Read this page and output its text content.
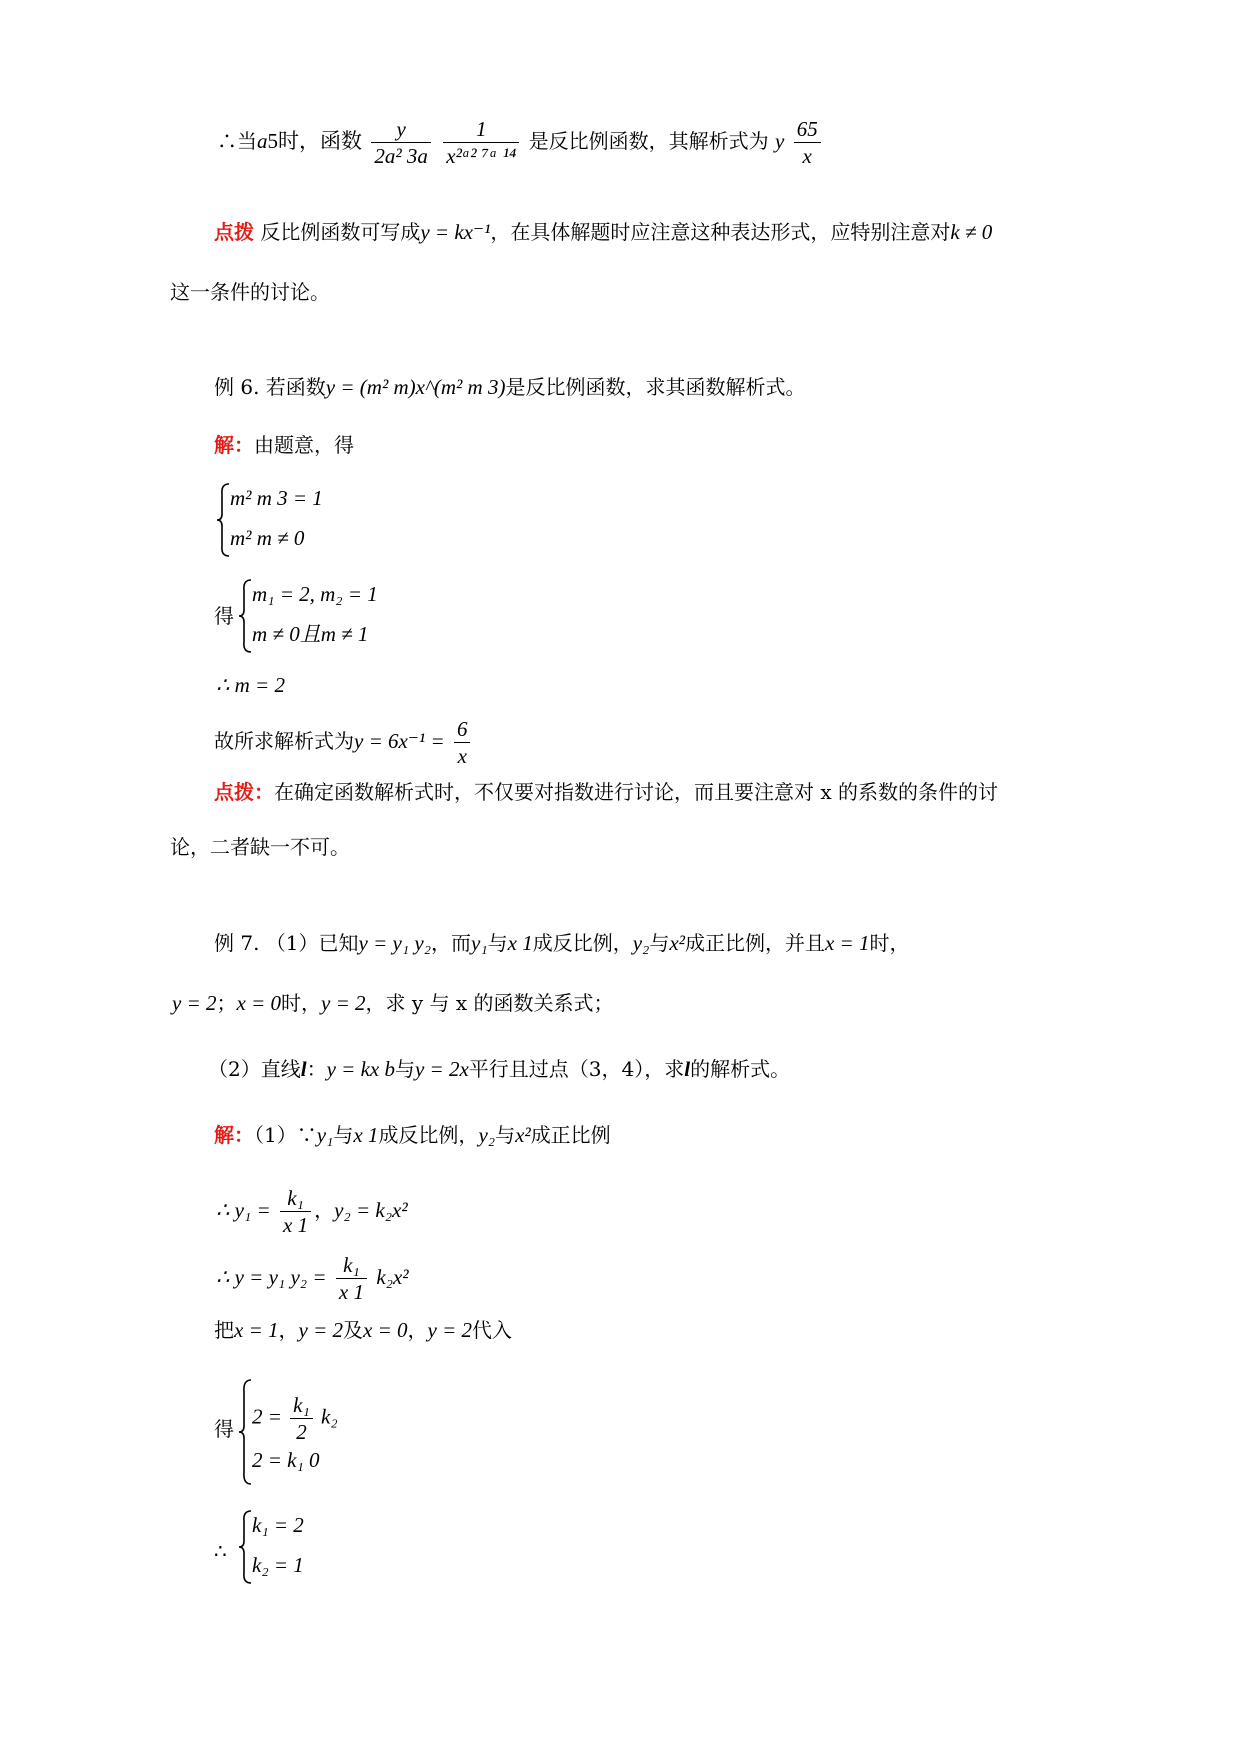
∴当a5时，函数 $\frac{y}{\text{2a² 3a}}$
$\frac{1}{\text{x²ᵃ² ⁷ᵃ ¹⁴}}$ 是反比例函数，其解析式为 y $\frac{65}{x}$
点拨 反比例函数可写成y = kx⁻¹，在具体解题时应注意这种表达形式，应特别注意对k ≠ 0
这一条件的讨论。
例 6. 若函数y = (m² m)x^(m² m 3)是反比例函数，求其函数解析式。
解：由题意，得
m² m 3 = 1
m² m ≠ 0
得
m₁ = 2, m₂ = 1
m ≠ 0且m ≠ 1
∴ m = 2
故所求解析式为$y = 6x^{-1} = \frac{6}{x}$
点拨：在确定函数解析式时，不仅要对指数进行讨论，而且要注意对 x 的系数的条件的讨
论，二者缺一不可。
例 7. （1）已知y = y₁ y₂，而y₁与x 1成反比例，y₂与x²成正比例，并且x = 1时，
y = 2；x = 0时，y = 2，求 y 与 x 的函数关系式；
（2）直线l：y = kx b与y = 2x平行且过点（3，4），求l的解析式。
解：（1）∵y₁与x 1成反比例，y₂与x²成正比例
∴ $y_1 = \frac{\text{k₁}}{x 1}$ ，y₂ = k₂x²
∴ y = y₁ $y_2 = \frac{\text{k₁}}{x 1} k_2x^2$
把x = 1，y = 2及x = 0，y = 2代入
得
$2 = \frac{\text{k₁}}{2} k_2$
2 = k₁ 0
∴
k₁ = 2
k₂ = 1
